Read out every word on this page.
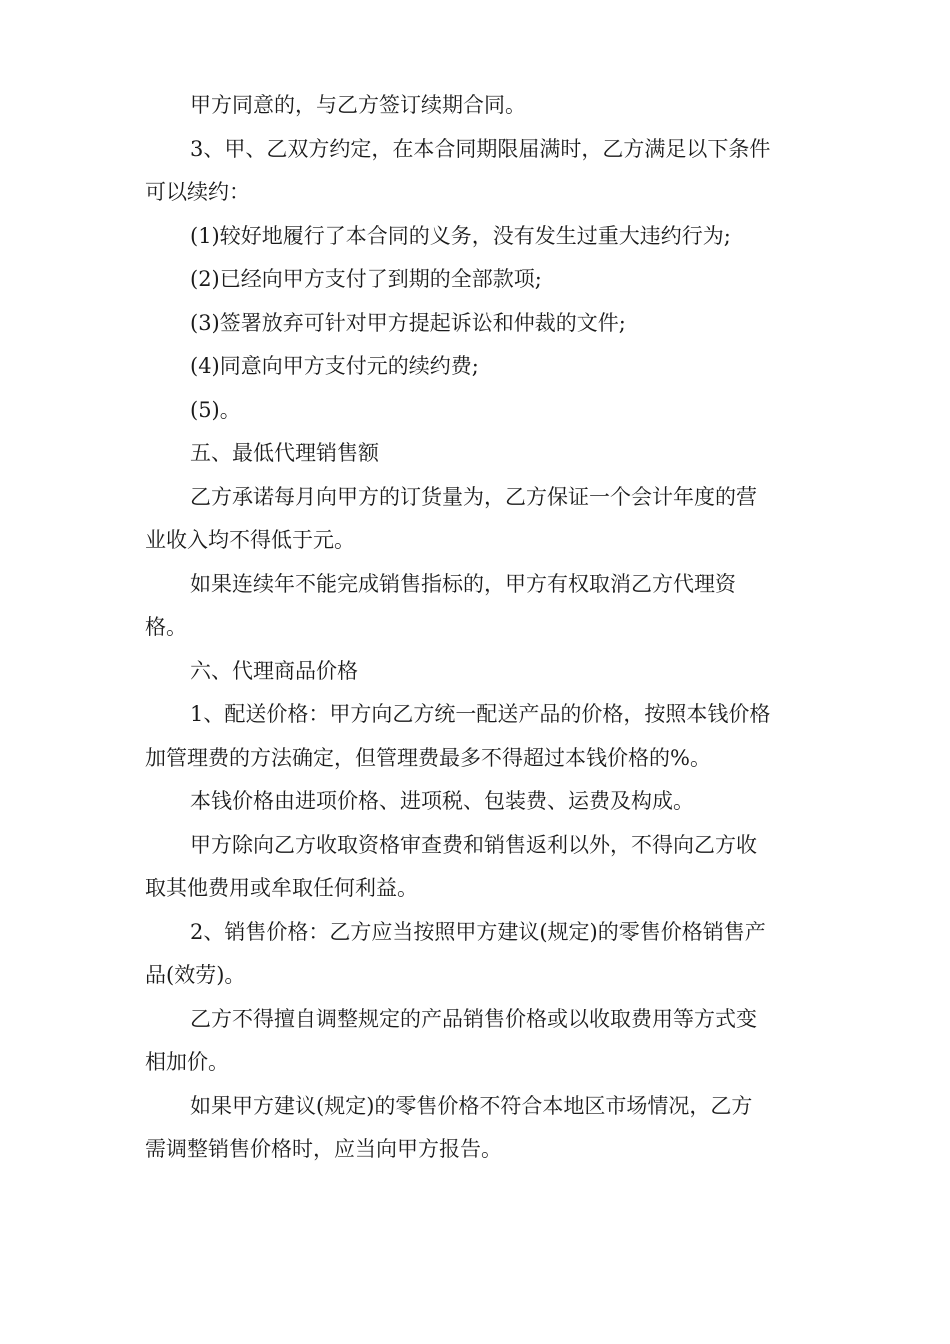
甲方同意的，与乙方签订续期合同。
3、甲、乙双方约定，在本合同期限届满时，乙方满足以下条件
可以续约：
(1)较好地履行了本合同的义务，没有发生过重大违约行为;
(2)已经向甲方支付了到期的全部款项;
(3)签署放弃可针对甲方提起诉讼和仲裁的文件;
(4)同意向甲方支付元的续约费;
(5)。
五、最低代理销售额
乙方承诺每月向甲方的订货量为，乙方保证一个会计年度的营
业收入均不得低于元。
如果连续年不能完成销售指标的，甲方有权取消乙方代理资
格。
六、代理商品价格
1、配送价格：甲方向乙方统一配送产品的价格，按照本钱价格
加管理费的方法确定，但管理费最多不得超过本钱价格的%。
本钱价格由进项价格、进项税、包装费、运费及构成。
甲方除向乙方收取资格审查费和销售返利以外，不得向乙方收
取其他费用或牟取任何利益。
2、销售价格：乙方应当按照甲方建议(规定)的零售价格销售产
品(效劳)。
乙方不得擅自调整规定的产品销售价格或以收取费用等方式变
相加价。
如果甲方建议(规定)的零售价格不符合本地区市场情况，乙方
需调整销售价格时，应当向甲方报告。
